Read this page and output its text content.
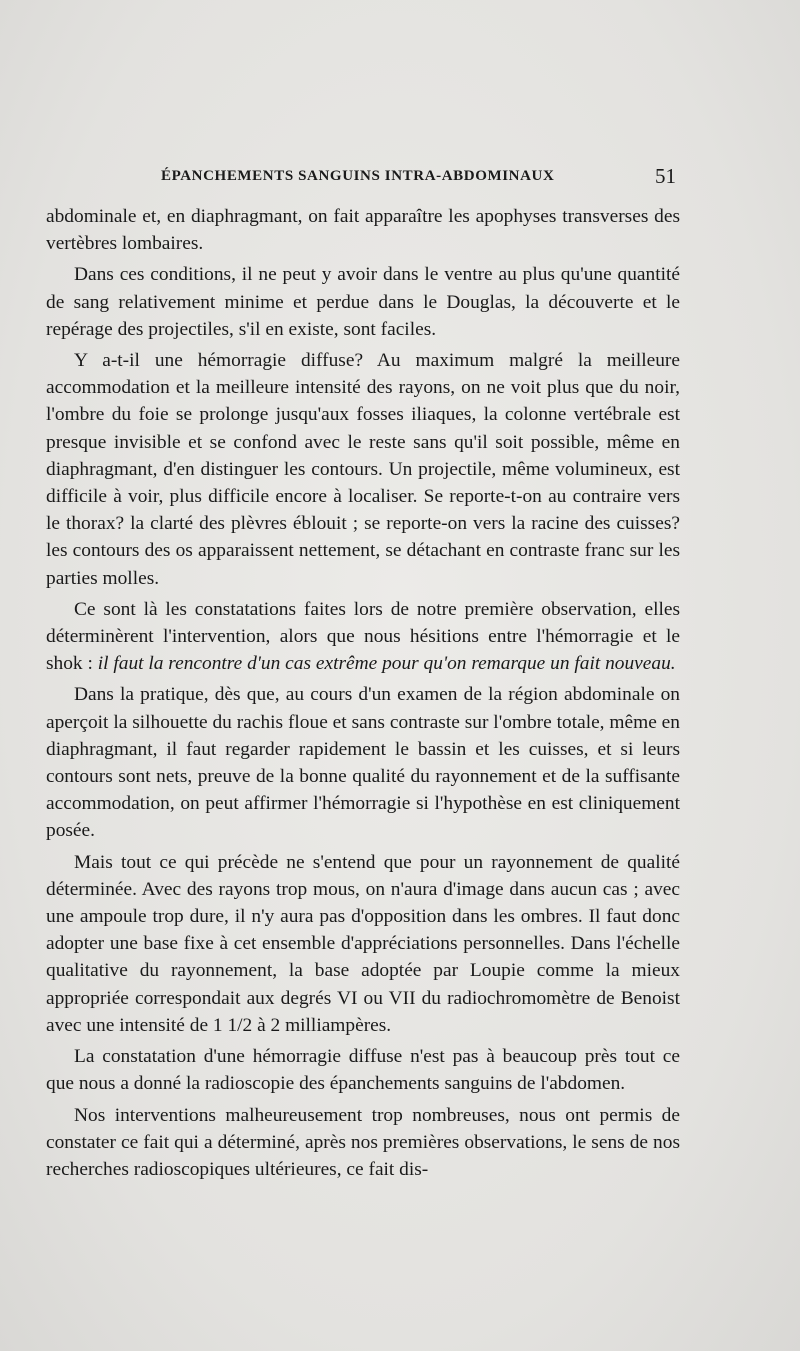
ÉPANCHEMENTS SANGUINS INTRA-ABDOMINAUX	51

abdominale et, en diaphragmant, on fait apparaître les apophyses transverses des vertèbres lombaires.

Dans ces conditions, il ne peut y avoir dans le ventre au plus qu'une quantité de sang relativement minime et perdue dans le Douglas, la découverte et le repérage des projectiles, s'il en existe, sont faciles.

Y a-t-il une hémorragie diffuse? Au maximum malgré la meilleure accommodation et la meilleure intensité des rayons, on ne voit plus que du noir, l'ombre du foie se prolonge jusqu'aux fosses iliaques, la colonne vertébrale est presque invisible et se confond avec le reste sans qu'il soit possible, même en diaphragmant, d'en distinguer les contours. Un projectile, même volumineux, est difficile à voir, plus difficile encore à localiser. Se reporte-t-on au contraire vers le thorax? la clarté des plèvres éblouit ; se reporte-on vers la racine des cuisses? les contours des os apparaissent nettement, se détachant en contraste franc sur les parties molles.

Ce sont là les constatations faites lors de notre première observation, elles déterminèrent l'intervention, alors que nous hésitions entre l'hémorragie et le shok : il faut la rencontre d'un cas extrême pour qu'on remarque un fait nouveau.

Dans la pratique, dès que, au cours d'un examen de la région abdominale on aperçoit la silhouette du rachis floue et sans contraste sur l'ombre totale, même en diaphragmant, il faut regarder rapidement le bassin et les cuisses, et si leurs contours sont nets, preuve de la bonne qualité du rayonnement et de la suffisante accommodation, on peut affirmer l'hémorragie si l'hypothèse en est cliniquement posée.

Mais tout ce qui précède ne s'entend que pour un rayonnement de qualité déterminée. Avec des rayons trop mous, on n'aura d'image dans aucun cas ; avec une ampoule trop dure, il n'y aura pas d'opposition dans les ombres. Il faut donc adopter une base fixe à cet ensemble d'appréciations personnelles. Dans l'échelle qualitative du rayonnement, la base adoptée par Loupie comme la mieux appropriée correspondait aux degrés VI ou VII du radiochromomètre de Benoist avec une intensité de 1 1/2 à 2 milliampères.

La constatation d'une hémorragie diffuse n'est pas à beaucoup près tout ce que nous a donné la radioscopie des épanchements sanguins de l'abdomen.

Nos interventions malheureusement trop nombreuses, nous ont permis de constater ce fait qui a déterminé, après nos premières observations, le sens de nos recherches radioscopiques ultérieures, ce fait dis-
